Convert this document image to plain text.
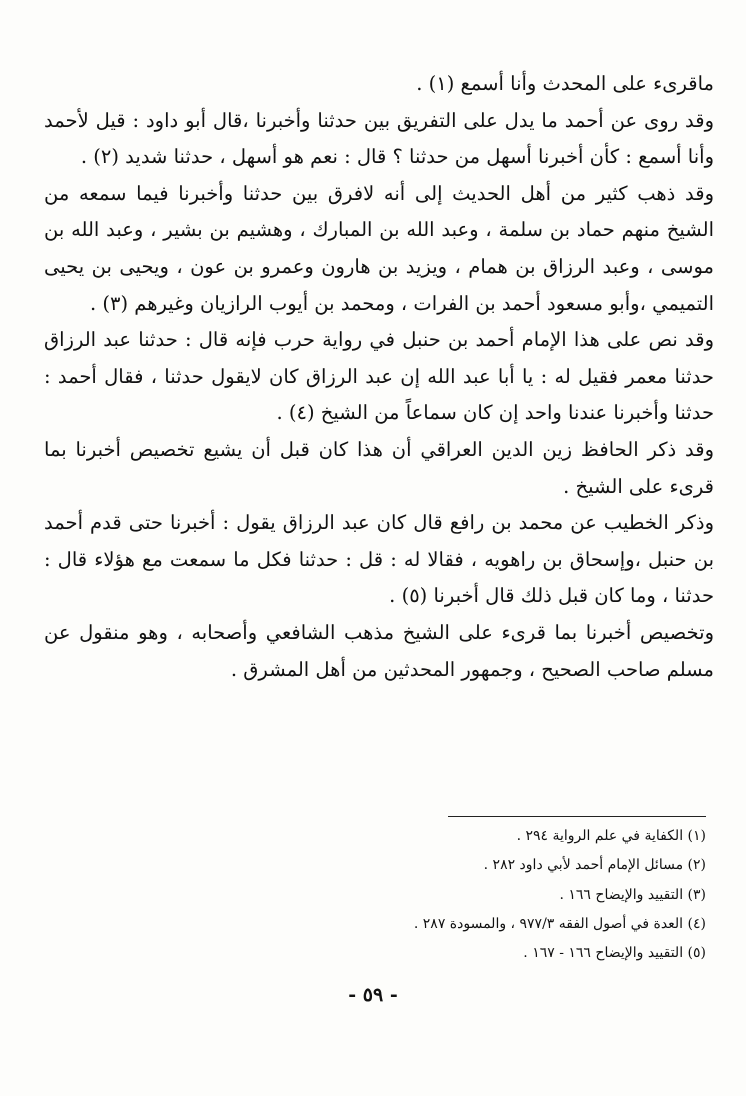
ماقرىء على المحدث وأنا أسمع (١) .

وقد روى عن أحمد ما يدل على التفريق بين حدثنا وأخبرنا ،قال أبو داود : قيل لأحمد وأنا أسمع : كأن أخبرنا أسهل من حدثنا ؟ قال : نعم هو أسهل ، حدثنا شديد (٢) .

وقد ذهب كثير من أهل الحديث إلى أنه لافرق بين حدثنا وأخبرنا فيما سمعه من الشيخ منهم حماد بن سلمة ، وعبد الله بن المبارك ، وهشيم بن بشير ، وعبد الله بن موسى ، وعبد الرزاق بن همام ، ويزيد بن هارون وعمرو بن عون ، ويحيى بن يحيى التميمي ،وأبو مسعود أحمد بن الفرات ، ومحمد بن أيوب الرازيان وغيرهم (٣) .

وقد نص على هذا الإمام أحمد بن حنبل في رواية حرب فإنه قال : حدثنا عبد الرزاق حدثنا معمر فقيل له : يا أبا عبد الله إن عبد الرزاق كان لايقول حدثنا ، فقال أحمد : حدثنا وأخبرنا عندنا واحد إن كان سماعاً من الشيخ (٤) .

وقد ذكر الحافظ زين الدين العراقي أن هذا كان قبل أن يشيع تخصيص أخبرنا بما قرىء على الشيخ .

وذكر الخطيب عن محمد بن رافع قال كان عبد الرزاق يقول : أخبرنا حتى قدم أحمد بن حنبل ،وإسحاق بن راهويه ، فقالا له : قل : حدثنا فكل ما سمعت مع هؤلاء قال : حدثنا ، وما كان قبل ذلك قال أخبرنا (٥) .

وتخصيص أخبرنا بما قرىء على الشيخ مذهب الشافعي وأصحابه ، وهو منقول عن مسلم صاحب الصحيح ، وجمهور المحدثين من أهل المشرق .

(١) الكفاية في علم الرواية ٢٩٤ .
(٢) مسائل الإمام أحمد لأبي داود ٢٨٢ .
(٣) التقييد والإيضاح ١٦٦ .
(٤) العدة في أصول الفقه ٩٧٧/٣ ، والمسودة ٢٨٧ .
(٥) التقييد والإيضاح ١٦٦ - ١٦٧ .
- ٥٩ -
